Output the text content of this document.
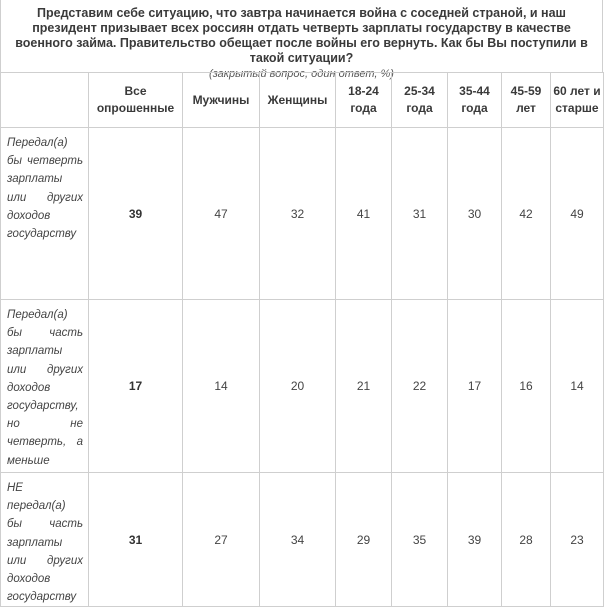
Представим себе ситуацию, что завтра начинается война с соседней страной, и наш президент призывает всех россиян отдать четверть зарплаты государству в качестве военного займа. Правительство обещает после войны его вернуть. Как бы Вы поступили в такой ситуации?
(закрытый вопрос, один ответ, %)
	Все опрошенные	Мужчины	Женщины	18-24 года	25-34 года	35-44 года	45-59 лет	60 лет и старше
Передал(а) бы четверть зарплаты или других доходов государству	39	47	32	41	31	30	42	49
Передал(а) бы часть зарплаты или других доходов государству, но не четверть, а меньше	17	14	20	21	22	17	16	14
НЕ передал(а) бы часть зарплаты или других доходов государству	31	27	34	29	35	39	28	23
